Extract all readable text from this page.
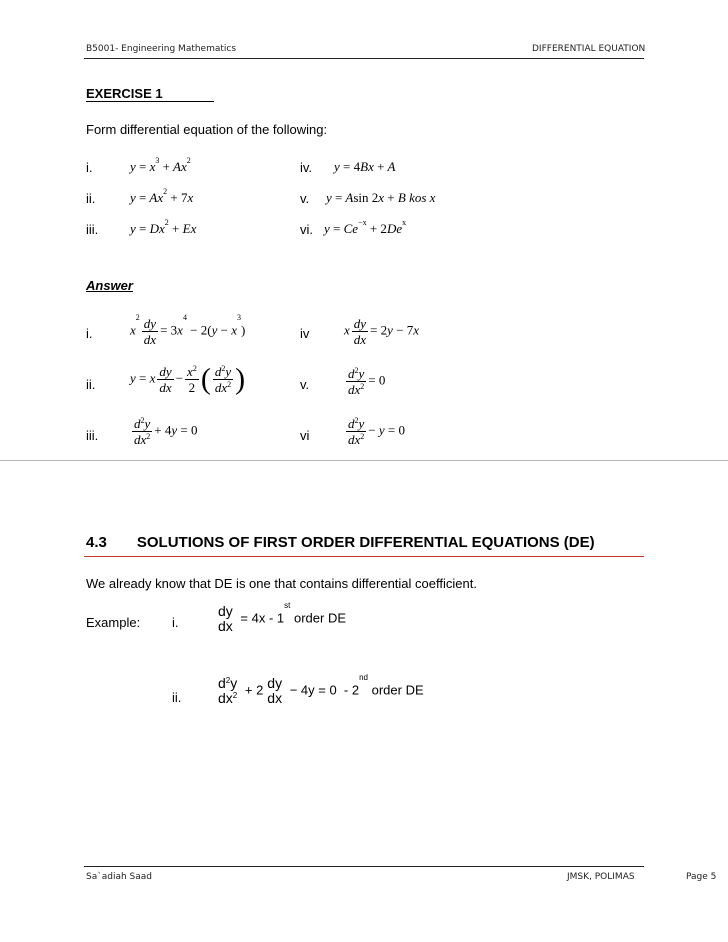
B5001- Engineering Mathematics	DIFFERENTIAL EQUATION
EXERCISE 1
Form differential equation of the following:
i.	$y = x^3 + Ax^2$	iv. y = 4Bx + A
ii.	$y = Ax^2 + 7x$	v. y = Asin 2x + B kos x
iii. $y = Dx^2 + Ex$	vi. $y = Ce^{-x} + 2De^x$
Answer
i.	$x^2 \frac{dy}{dx} = 3x^4 - 2(y - x^3)$	iv	x $\frac{dy}{dx} = 2y - 7x$
ii.	y = x $\frac{dy}{dx} - \frac{x^2}{2}$ ( $\frac{d^2y}{dx^2}$ )	v.	$\frac{d^2y}{dx^2} = 0$
iii.	$\frac{d^2y}{dx^2} + 4y = 0$	vi	$\frac{d^2y}{dx^2} - y = 0$
4.3 SOLUTIONS OF FIRST ORDER DIFFERENTIAL EQUATIONS (DE)
We already know that DE is one that contains differential coefficient.
Example: i.
dy
dx
= 4x - 1st order DE
ii.
$d^2y$
$dx^2 + 2$ dy
dx
− 4y = 0  - 2nd order DE
Sa`adiah Saad	JMSK, POLIMAS	Page 5
